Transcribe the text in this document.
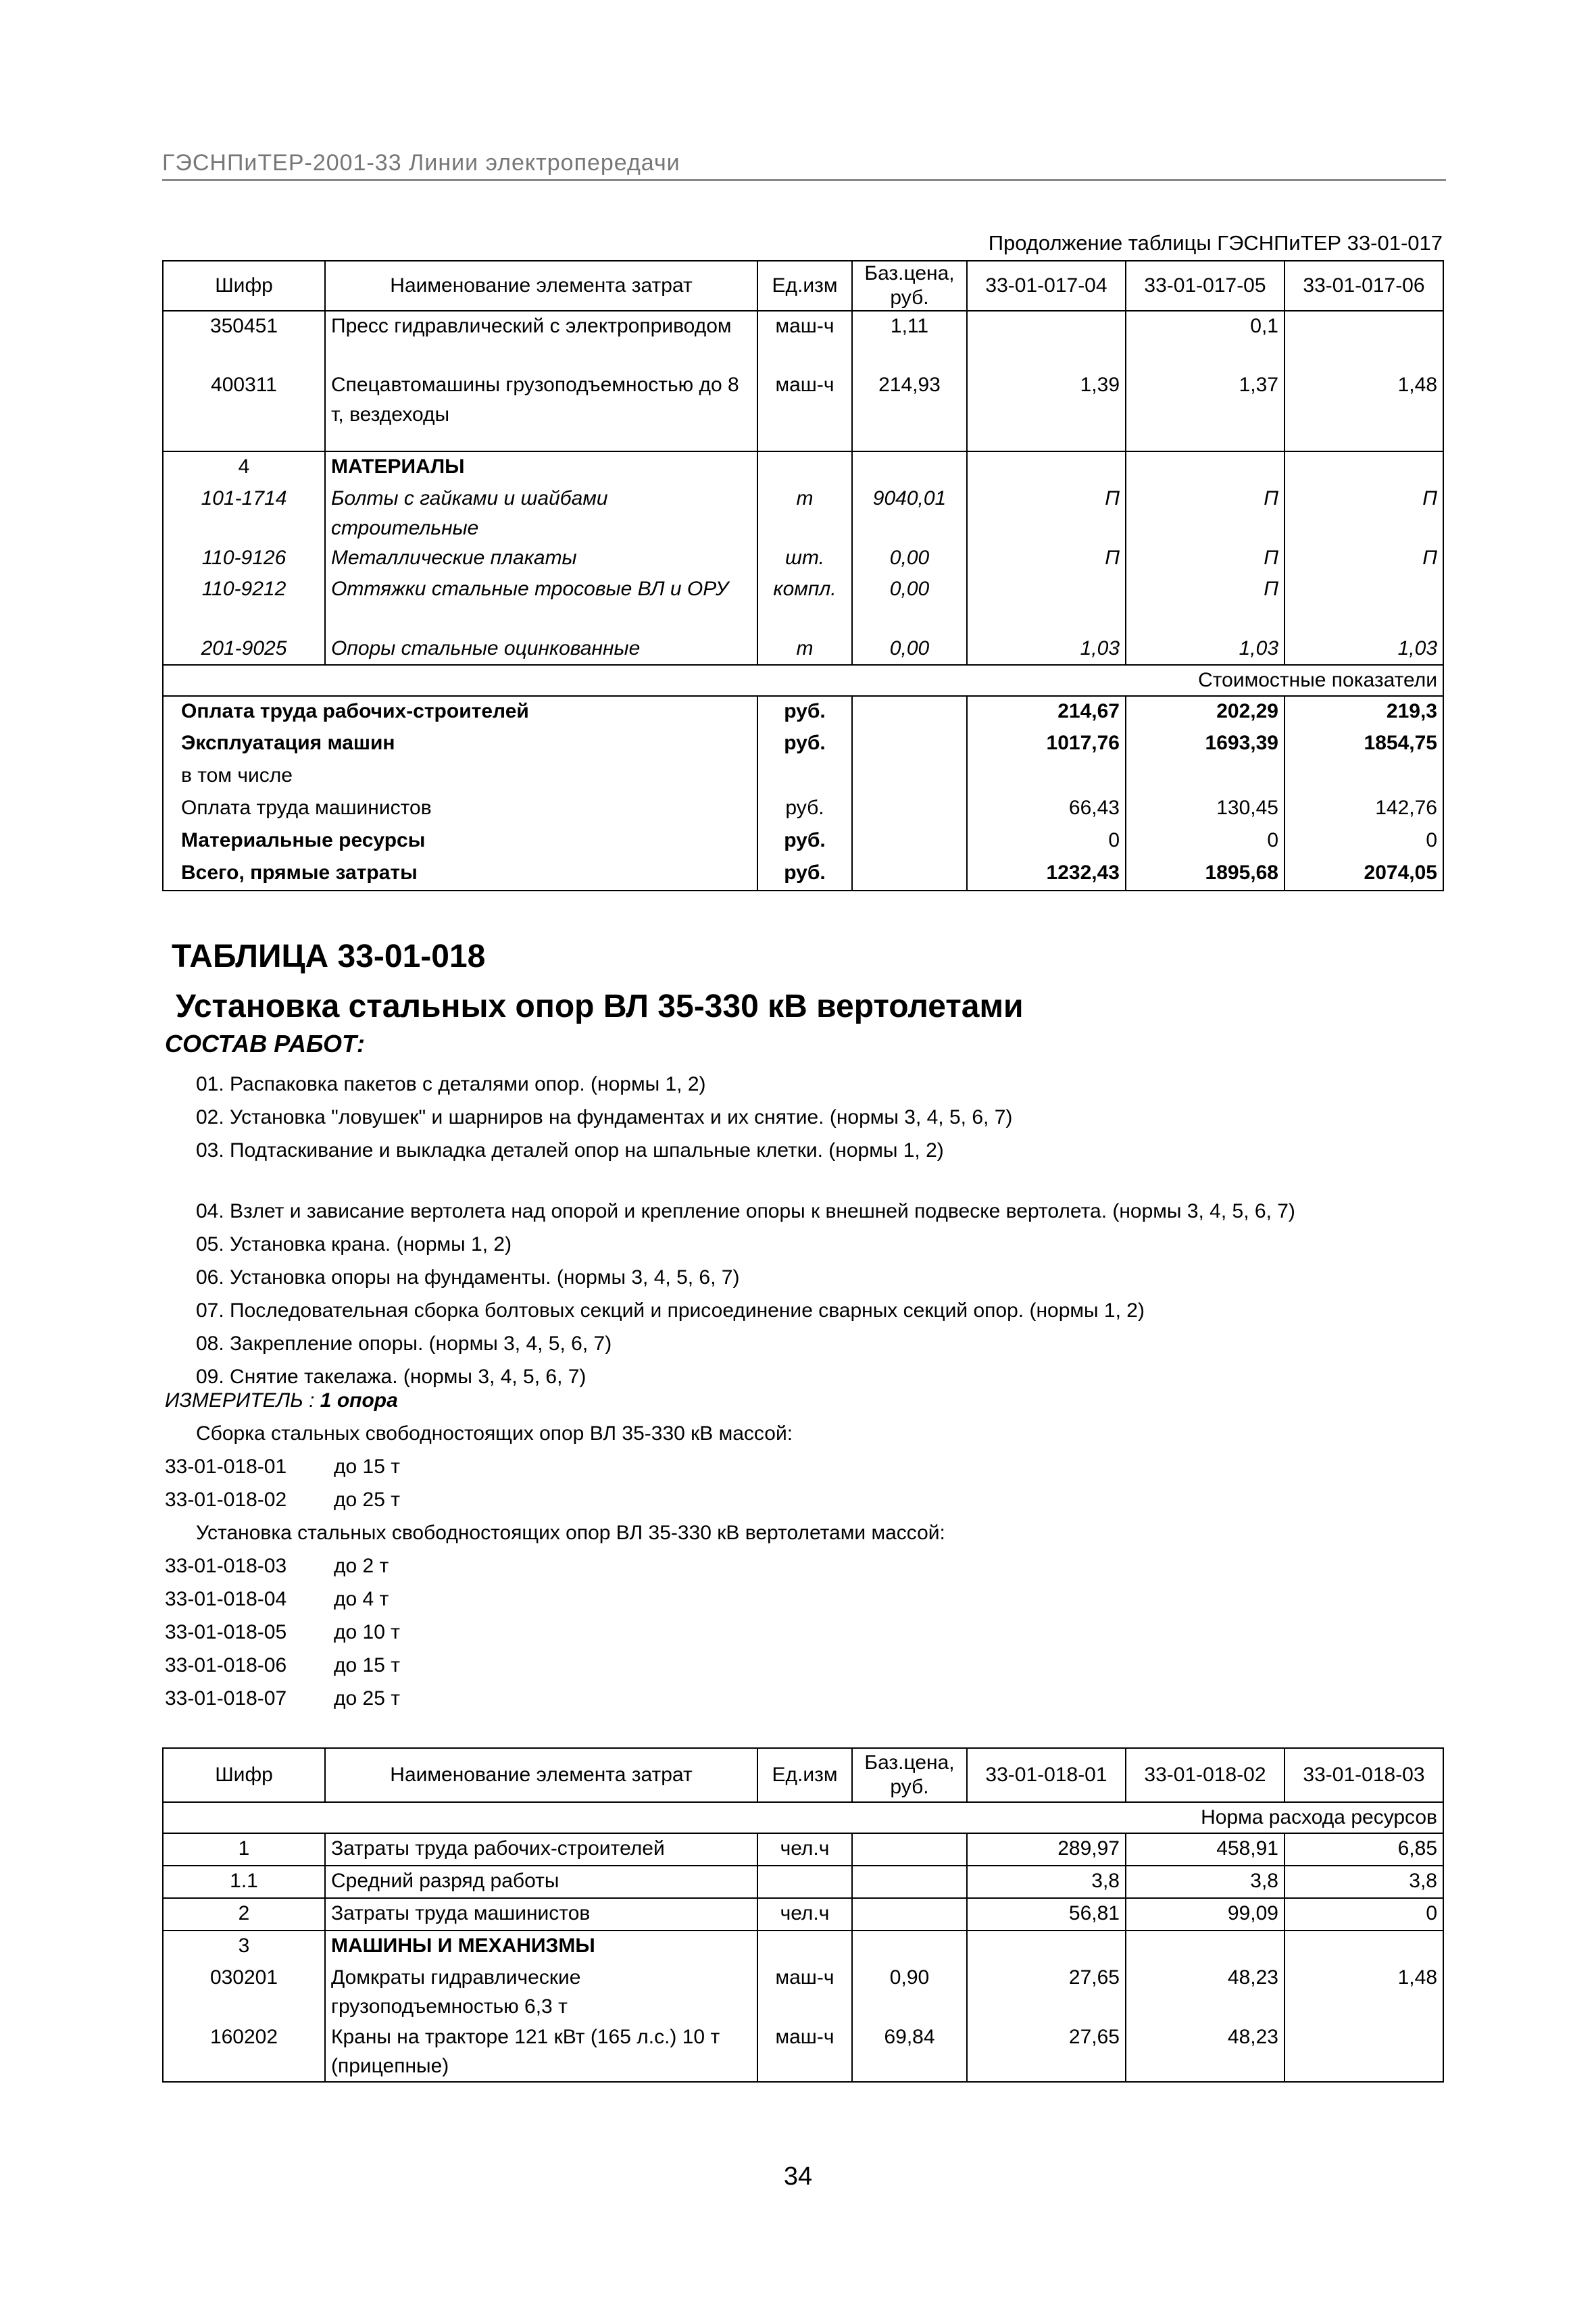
ГЭСНПиТЕР-2001-33 Линии электропередачи
Продолжение таблицы ГЭСНПиТЕР 33-01-017
Шифр	Наименование элемента затрат	Ед.изм	Баз.цена, руб.	33-01-017-04	33-01-017-05	33-01-017-06
350451	Пресс гидравлический с электроприводом	маш-ч	1,11		0,1	
400311	Спецавтомашины грузоподъемностью до 8 т, вездеходы	маш-ч	214,93	1,39	1,37	1,48
4	МАТЕРИАЛЫ					
101-1714	Болты с гайками и шайбами строительные	т	9040,01	П	П	П
110-9126	Металлические плакаты	шт.	0,00	П	П	П
110-9212	Оттяжки стальные тросовые ВЛ и ОРУ	компл.	0,00		П	
201-9025	Опоры стальные оцинкованные	т	0,00	1,03	1,03	1,03
Стоимостные показатели						
Оплата труда рабочих-строителей		руб.		214,67	202,29	219,3
Эксплуатация машин		руб.		1017,76	1693,39	1854,75
в том числе						
Оплата труда машинистов		руб.		66,43	130,45	142,76
Материальные ресурсы		руб.		0	0	0
Всего, прямые затраты		руб.		1232,43	1895,68	2074,05
ТАБЛИЦА 33-01-018
Установка стальных опор ВЛ 35-330 кВ вертолетами
СОСТАВ РАБОТ:
01. Распаковка пакетов с деталями опор. (нормы 1, 2)
02. Установка "ловушек" и шарниров на фундаментах и их снятие. (нормы 3, 4, 5, 6, 7)
03. Подтаскивание и выкладка деталей опор на шпальные клетки. (нормы 1, 2)
04. Взлет и зависание вертолета над опорой и крепление опоры к внешней подвеске вертолета. (нормы 3, 4, 5, 6, 7)
05. Установка крана. (нормы 1, 2)
06. Установка опоры на фундаменты. (нормы 3, 4, 5, 6, 7)
07. Последовательная сборка болтовых секций и присоединение сварных секций опор. (нормы 1, 2)
08. Закрепление опоры. (нормы 3, 4, 5, 6, 7)
09. Снятие такелажа. (нормы 3, 4, 5, 6, 7)
ИЗМЕРИТЕЛЬ : 1 опора
Сборка стальных свободностоящих опор ВЛ 35-330 кВ массой:
33-01-018-01 до 15 т
33-01-018-02 до 25 т
Установка стальных свободностоящих опор ВЛ 35-330 кВ вертолетами массой:
33-01-018-03 до 2 т
33-01-018-04 до 4 т
33-01-018-05 до 10 т
33-01-018-06 до 15 т
33-01-018-07 до 25 т
Шифр	Наименование элемента затрат	Ед.изм	Баз.цена, руб.	33-01-018-01	33-01-018-02	33-01-018-03
Норма расхода ресурсов						
1	Затраты труда рабочих-строителей	чел.ч		289,97	458,91	6,85
1.1	Средний разряд работы			3,8	3,8	3,8
2	Затраты труда машинистов	чел.ч		56,81	99,09	0
3	МАШИНЫ И МЕХАНИЗМЫ					
030201	Домкраты гидравлические грузоподъемностью 6,3 т	маш-ч	0,90	27,65	48,23	1,48
160202	Краны на тракторе 121 кВт (165 л.с.) 10 т (прицепные)	маш-ч	69,84	27,65	48,23	
34
